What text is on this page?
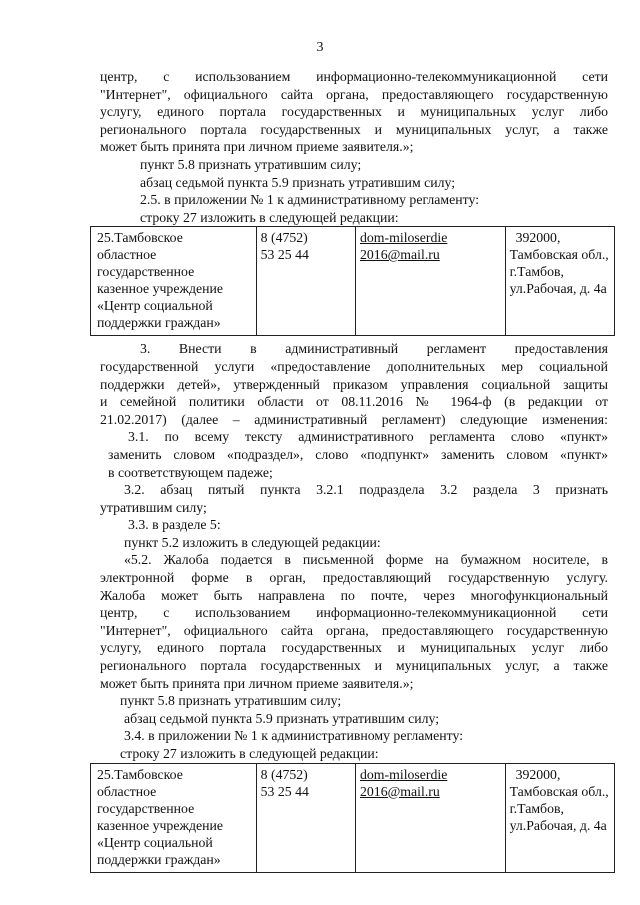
3
центр, с использованием информационно-телекоммуникационной сети
"Интернет", официального сайта органа, предоставляющего государственную
услугу, единого портала государственных и муниципальных услуг либо
регионального портала государственных и муниципальных услуг, а также
может быть принята при личном приеме заявителя.»;
пункт 5.8 признать утратившим силу;
абзац седьмой пункта 5.9 признать утратившим силу;
2.5. в приложении № 1 к административному регламенту:
строку 27 изложить в следующей редакции:
25.Тамбовское
областное
государственное
казенное учреждение
«Центр социальной
поддержки граждан»

8 (4752)
53 25 44

dom-miloserdie
2016@mail.ru

392000,
Тамбовская обл.,
г.Тамбов,
ул.Рабочая, д. 4а
3. Внести в административный регламент предоставления
государственной услуги «предоставление дополнительных мер социальной
поддержки детей», утвержденный приказом управления социальной защиты
и семейной политики области от 08.11.2016 № 1964-ф (в редакции от
21.02.2017) (далее – административный регламент) следующие изменения:
3.1. по всему тексту административного регламента слово «пункт»
заменить словом «подраздел», слово «подпункт» заменить словом «пункт»
в соответствующем падеже;
3.2. абзац пятый пункта 3.2.1 подраздела 3.2 раздела 3 признать
утратившим силу;
3.3. в разделе 5:
пункт 5.2 изложить в следующей редакции:
«5.2. Жалоба подается в письменной форме на бумажном носителе, в
электронной форме в орган, предоставляющий государственную услугу.
Жалоба может быть направлена по почте, через многофункциональный
центр, с использованием информационно-телекоммуникационной сети
"Интернет", официального сайта органа, предоставляющего государственную
услугу, единого портала государственных и муниципальных услуг либо
регионального портала государственных и муниципальных услуг, а также
может быть принята при личном приеме заявителя.»;
пункт 5.8 признать утратившим силу;
абзац седьмой пункта 5.9 признать утратившим силу;
3.4. в приложении № 1 к административному регламенту:
строку 27 изложить в следующей редакции:
25.Тамбовское
областное
государственное
казенное учреждение
«Центр социальной
поддержки граждан»

8 (4752)
53 25 44

dom-miloserdie
2016@mail.ru

392000,
Тамбовская обл.,
г.Тамбов,
ул.Рабочая, д. 4а
